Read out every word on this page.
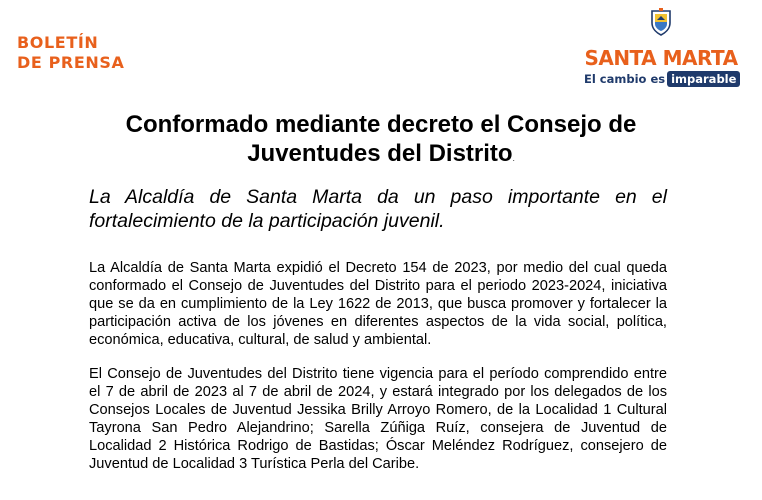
BOLETÍN
DE PRENSA	SANTA MARTA
El cambio es imparable
Conformado mediante decreto el Consejo de
Juventudes del Distrito.
La Alcaldía de Santa Marta da un paso importante en el fortalecimiento de la participación juvenil.
La Alcaldía de Santa Marta expidió el Decreto 154 de 2023, por medio del cual queda conformado el Consejo de Juventudes del Distrito para el periodo 2023-2024, iniciativa que se da en cumplimiento de la Ley 1622 de 2013, que busca promover y fortalecer la participación activa de los jóvenes en diferentes aspectos de la vida social, política, económica, educativa, cultural, de salud y ambiental.
El Consejo de Juventudes del Distrito tiene vigencia para el período comprendido entre el 7 de abril de 2023 al 7 de abril de 2024, y estará integrado por los delegados de los Consejos Locales de Juventud Jessika Brilly Arroyo Romero, de la Localidad 1 Cultural Tayrona San Pedro Alejandrino; Sarella Zúñiga Ruíz, consejera de Juventud de Localidad 2 Histórica Rodrigo de Bastidas; Óscar Meléndez Rodríguez, consejero de Juventud de Localidad 3 Turística Perla del Caribe.
